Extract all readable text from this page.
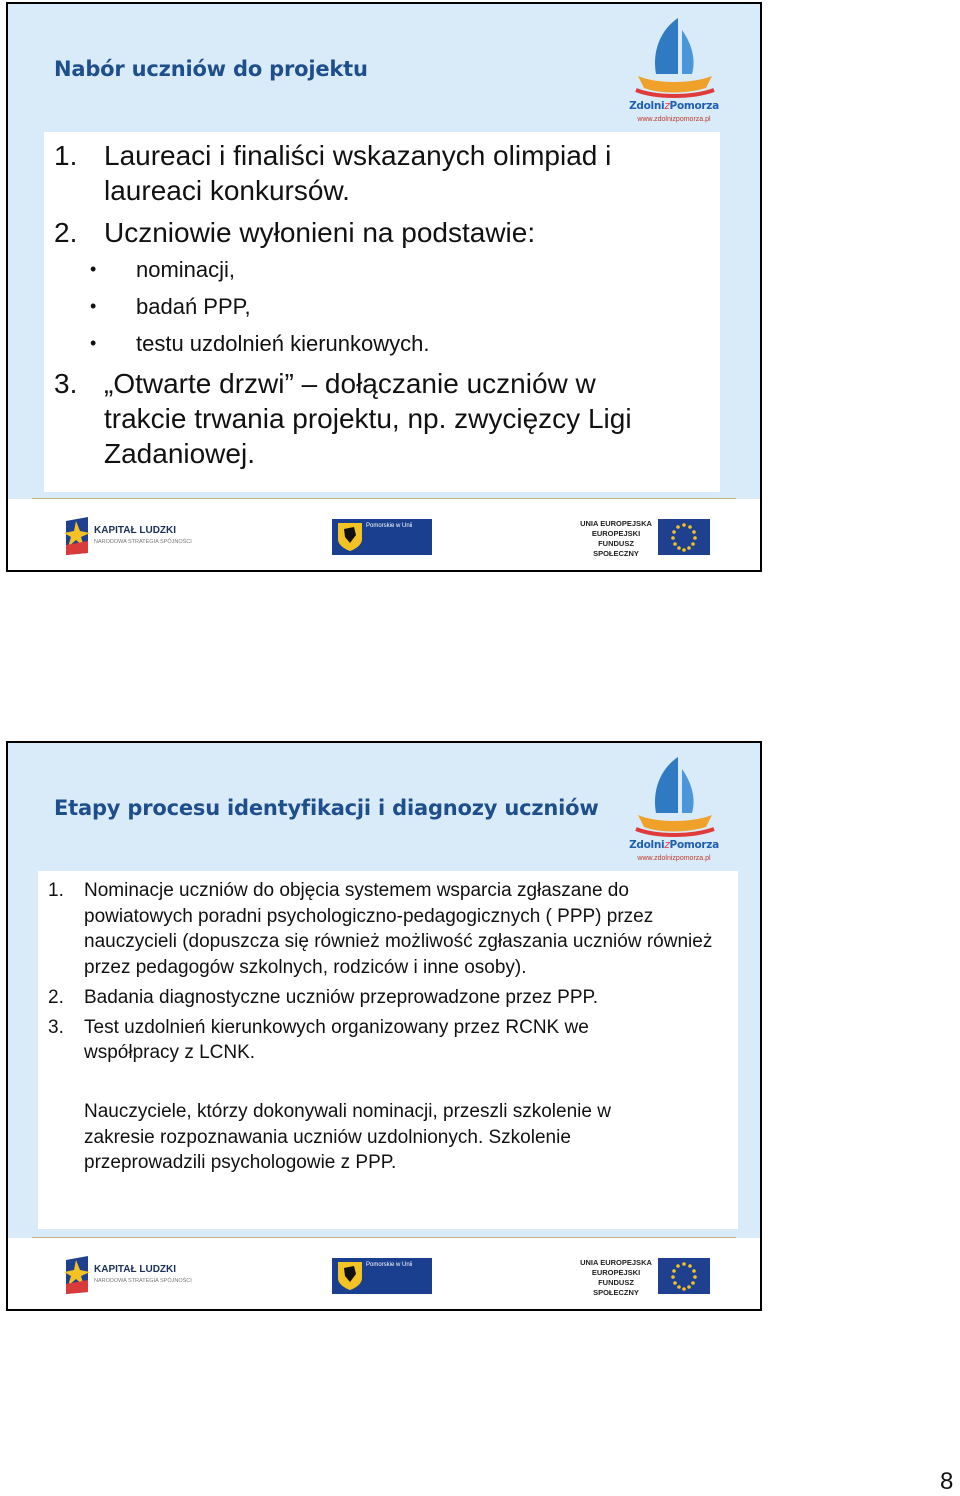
Nabór uczniów do projektu
ZdolnizPomorza
www.zdolnizpomorza.pl
1. Laureaci i finaliści wskazanych olimpiad i laureaci konkursów.
2. Uczniowie wyłonieni na podstawie:
• nominacji,
• badań PPP,
• testu uzdolnień kierunkowych.
3. „Otwarte drzwi” – dołączanie uczniów w trakcie trwania projektu, np. zwycięzcy Ligi Zadaniowej.
KAPITAŁ LUDZKI
NARODOWA STRATEGIA SPÓJNOŚCI
Pomorskie w Unii	UNIA EUROPEJSKA EUROPEJSKI FUNDUSZ SPOŁECZNY
Etapy procesu identyfikacji i diagnozy uczniów
ZdolnizPomorza
www.zdolnizpomorza.pl
1. Nominacje uczniów do objęcia systemem wsparcia zgłaszane do powiatowych poradni psychologiczno-pedagogicznych ( PPP) przez nauczycieli (dopuszcza się również możliwość zgłaszania uczniów również przez pedagogów szkolnych, rodziców i inne osoby).
2. Badania diagnostyczne uczniów przeprowadzone przez PPP.
3. Test uzdolnień kierunkowych organizowany przez RCNK we współpracy z LCNK.
Nauczyciele, którzy dokonywali nominacji, przeszli szkolenie w zakresie rozpoznawania uczniów uzdolnionych. Szkolenie przeprowadzili psychologowie z PPP.
KAPITAŁ LUDZKI
NARODOWA STRATEGIA SPÓJNOŚCI
Pomorskie w Unii	UNIA EUROPEJSKA EUROPEJSKI FUNDUSZ SPOŁECZNY
8
